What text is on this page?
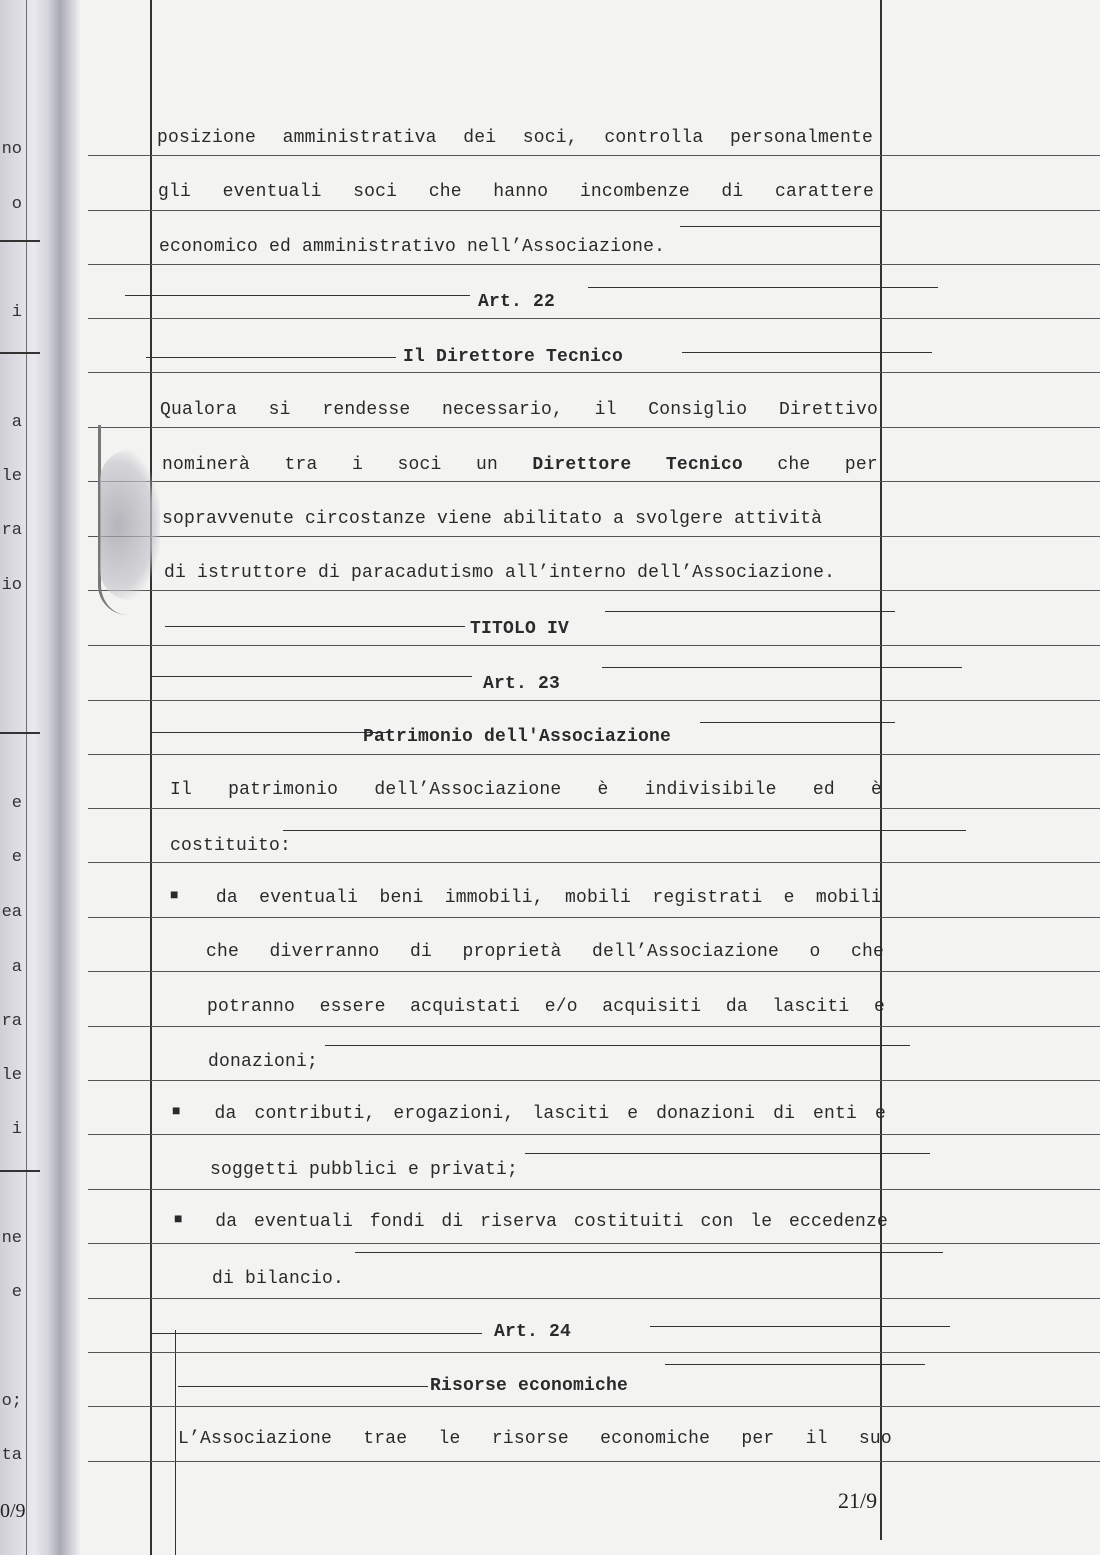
no
o
i
a
le
ra
io
e
e
ea
a
ra
le
i
ne
e
o;
ta
0/9
posizione amministrativa dei soci, controlla personalmente
gli eventuali soci che hanno incombenze di carattere
economico ed amministrativo nell’Associazione.
Art. 22
Il Direttore Tecnico
Qualora si rendesse necessario, il Consiglio Direttivo
nominerà tra i soci un Direttore Tecnico che per
sopravvenute circostanze viene abilitato a svolgere attività
di istruttore di paracadutismo all’interno dell’Associazione.
TITOLO IV
Art. 23
Patrimonio dell'Associazione
Il patrimonio dell’Associazione è indivisibile ed è
costituito:
■ da eventuali beni immobili, mobili registrati e mobili
che diverranno di proprietà dell’Associazione o che
potranno essere acquistati e/o acquisiti da lasciti e
donazioni;
■ da contributi, erogazioni, lasciti e donazioni di enti e
soggetti pubblici e privati;
■ da eventuali fondi di riserva costituiti con le eccedenze
di bilancio.
Art. 24
Risorse economiche
L’Associazione trae le risorse economiche per il suo
21/9
